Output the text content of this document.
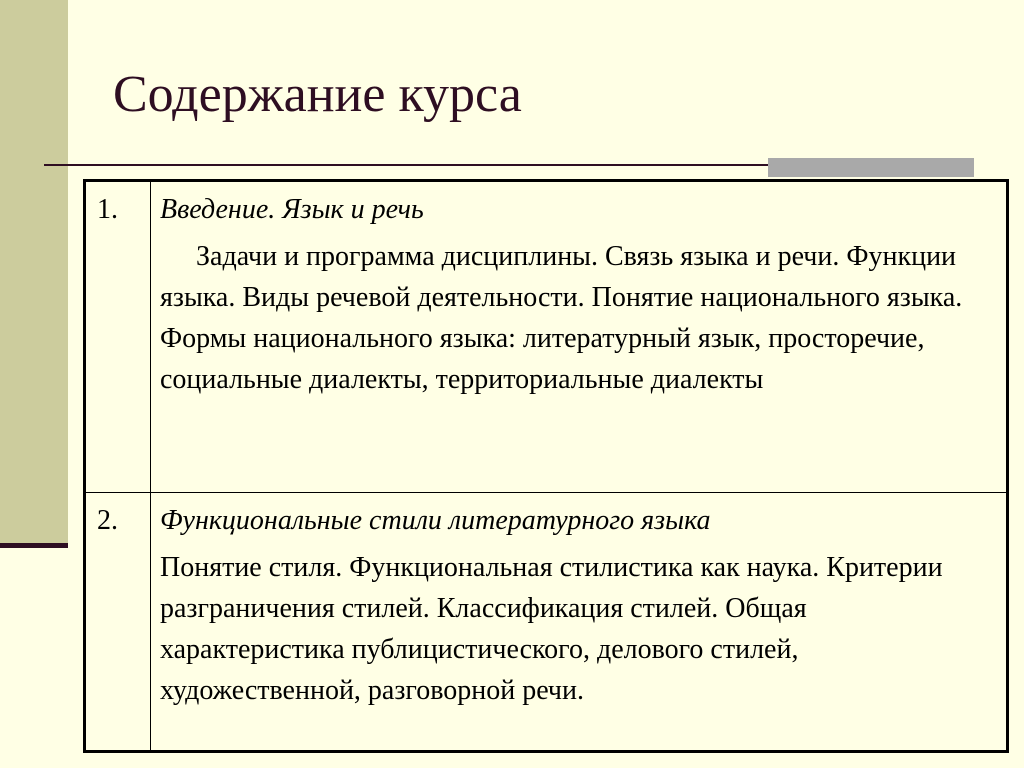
Содержание курса

1. Введение. Язык и речь

Задачи и программа дисциплины. Связь языка и речи. Функции языка. Виды речевой деятельности. Понятие национального языка. Формы национального языка: литературный язык, просторечие, социальные диалекты, территориальные диалекты

2. Функциональные стили литературного языка

Понятие стиля. Функциональная стилистика как наука. Критерии разграничения стилей. Классификация стилей. Общая характеристика публицистического, делового стилей, художественной, разговорной речи.
